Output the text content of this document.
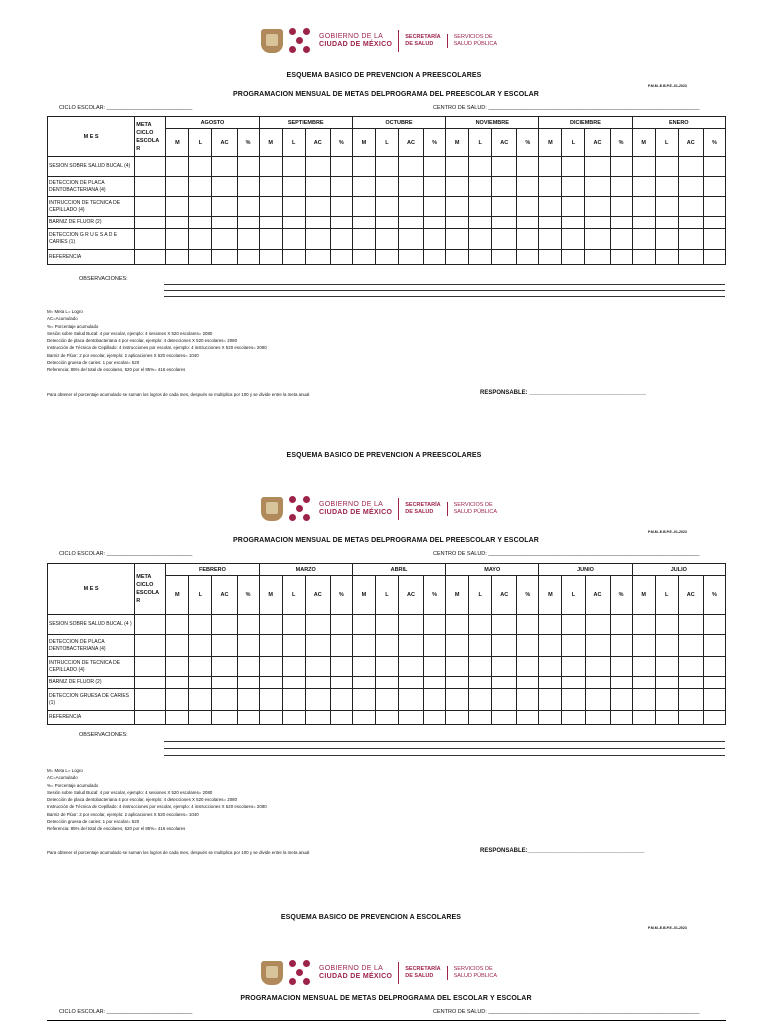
GOBIERNO DE LA
CIUDAD DE MÉXICO
SECRETARÍA
DE SALUD
SERVICIOS DE
SALUD PÚBLICA
ESQUEMA BASICO DE PREVENCION A PREESCOLARES
P.M.M.-E.B.P.E.-01-2023
PROGRAMACION MENSUAL DE METAS DELPROGRAMA DEL PREESCOLAR Y ESCOLAR
CICLO ESCOLAR: ____________________________	CENTRO DE SALUD: _____________________________________________________________________
M E S	META CICLO ESCOLA R	AGOSTO				SEPTIEMBRE				OCTUBRE				NOVIEMBRE				DICIEMBRE				ENERO			
		M	L	AC	%	M	L	AC	%	M	L	AC	%	M	L	AC	%	M	L	AC	%	M	L	AC	%
SESION SOBRE SALUD BUCAL (4)																									
DETECCION DE PLACA DENTOBACTERIANA (4)																									
INTRUCCION DE TECNICA DE CEPILLADO (4)																									
BARNIZ DE FLUOR (2)																									
DETECCION G R U E S A D E CARIES (1)																									
REFERENCIA																									
OBSERVACIONES:
M= Meta L= Logro
AC=Acumulado
%= Porcentaje acumulado
Sesión sobre Salud Bucal: 4 por escolar, ejemplo: 4 sesiones X 520 escolares= 2080
Detección de placa dentobacteriana 4 por escolar, ejemplo: 4 detecciones X 520 escolares= 2080
Instrucción de Técnica de Cepillado: 4 instrucciones por escolar, ejemplo: 4 instrucciones X 520 escolares= 2080
Barniz de Flúor: 2 por escolar, ejemplo: 2 aplicaciones X 520 escolares= 1040
Detección gruesa de caries: 1 por escolar= 520
Referencia: 85% del total de escolares, 520 por el 85%= 416 escolares
Para obtener el porcentaje acumulado se suman los logros de cada mes, después se multiplica por 100 y se divide entre la meta anual	RESPONSABLE: ___________________________________
ESQUEMA BASICO DE PREVENCION A PREESCOLARES
GOBIERNO DE LA
CIUDAD DE MÉXICO
SECRETARÍA
DE SALUD
SERVICIOS DE
SALUD PÚBLICA
P.M.M.-E.B.P.E.-01-2023
PROGRAMACION MENSUAL DE METAS DELPROGRAMA DEL PREESCOLAR Y ESCOLAR
CICLO ESCOLAR: ____________________________	CENTRO DE SALUD: _____________________________________________________________________
M E S	META CICLO ESCOLA R	FEBRERO				MARZO				ABRIL				MAYO				JUNIO				JULIO			
		M	L	AC	%	M	L	AC	%	M	L	AC	%	M	L	AC	%	M	L	AC	%	M	L	AC	%
SESION SOBRE SALUD BUCAL (4 )																									
DETECCION DE PLACA DENTOBACTERIANA (4)																									
INTRUCCION DE TECNICA DE CEPILLADO (4)																									
BARNIZ DE FLUOR (2)																									
DETECCION GRUESA DE CARIES (1)																									
REFERENCIA																									
OBSERVACIONES:
M= Meta L= Logro
AC=Acumulado
%= Porcentaje acumulado
Sesión sobre Salud Bucal: 4 por escolar, ejemplo: 4 sesiones X 520 escolares= 2080
Detección de placa dentobacteriana 4 por escolar, ejemplo: 4 detecciones X 520 escolares= 2080
Instrucción de Técnica de Cepillado: 4 instrucciones por escolar, ejemplo: 4 instrucciones X 520 escolares= 2080
Barniz de Flúor: 2 por escolar, ejemplo: 2 aplicaciones X 520 escolares= 1040
Detección gruesa de caries: 1 por escolar= 520
Referencia: 85% del total de escolares, 520 por el 85%= 416 escolares
Para obtener el porcentaje acumulado se suman los logros de cada mes, después se multiplica por 100 y se divide entre la meta anual	RESPONSABLE:___________________________________
ESQUEMA BASICO DE PREVENCION A ESCOLARES
P.M.M.-E.B.P.E.-01-2023
GOBIERNO DE LA
CIUDAD DE MÉXICO
SECRETARÍA
DE SALUD
SERVICIOS DE
SALUD PÚBLICA
PROGRAMACION MENSUAL DE METAS DELPROGRAMA DEL ESCOLAR Y ESCOLAR
CICLO ESCOLAR: ____________________________	CENTRO DE SALUD: _____________________________________________________________________
